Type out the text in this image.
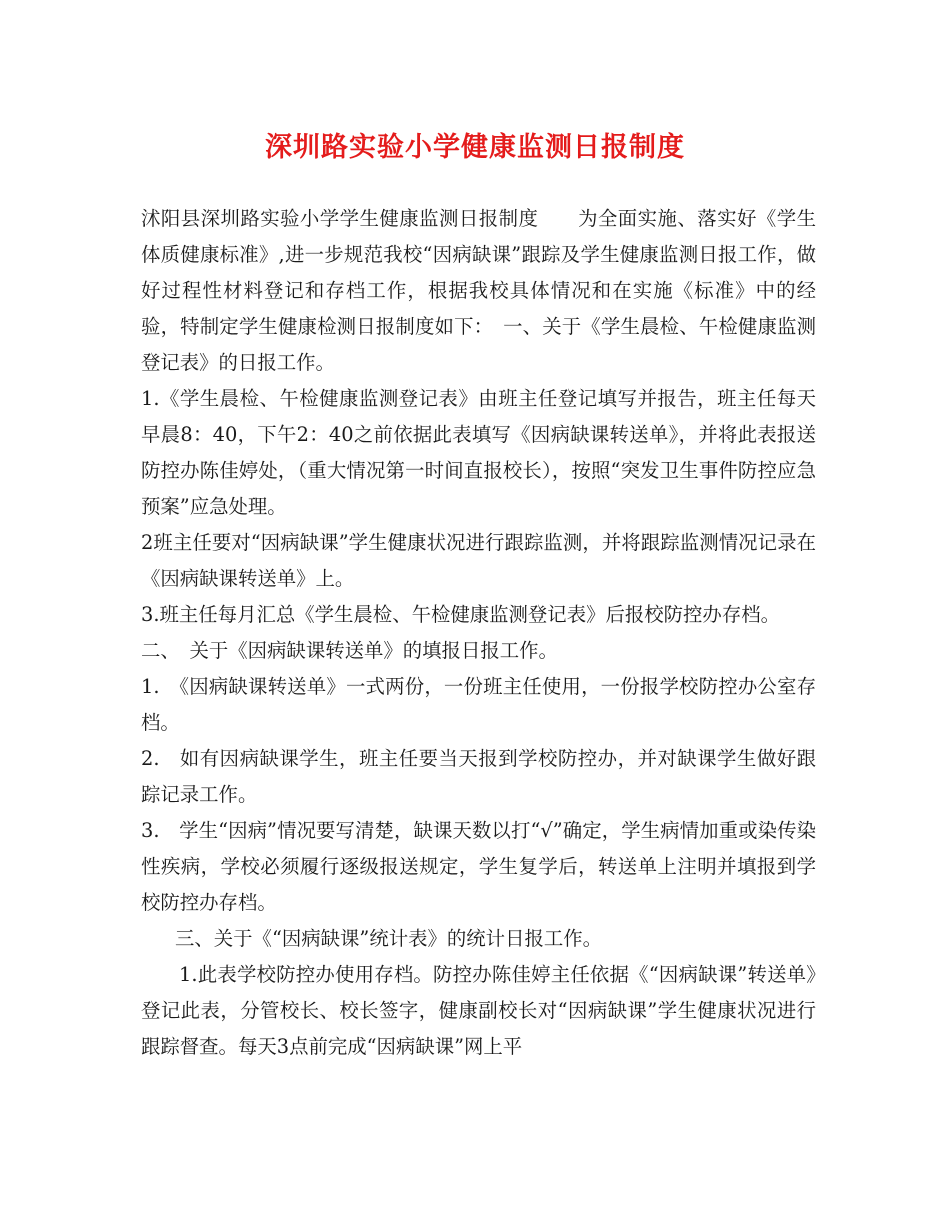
深圳路实验小学健康监测日报制度

沭阳县深圳路实验小学学生健康监测日报制度　　为全面实施、落实好《学生体质健康标准》,进一步规范我校“因病缺课”跟踪及学生健康监测日报工作，做好过程性材料登记和存档工作，根据我校具体情况和在实施《标准》中的经验，特制定学生健康检测日报制度如下：　一、关于《学生晨检、午检健康监测登记表》的日报工作。

1.《学生晨检、午检健康监测登记表》由班主任登记填写并报告，班主任每天早晨8：40，下午2：40之前依据此表填写《因病缺课转送单》，并将此表报送防控办陈佳婷处，（重大情况第一时间直报校长），按照“突发卫生事件防控应急预案”应急处理。

2班主任要对“因病缺课”学生健康状况进行跟踪监测，并将跟踪监测情况记录在《因病缺课转送单》上。

3.班主任每月汇总《学生晨检、午检健康监测登记表》后报校防控办存档。

二、　关于《因病缺课转送单》的填报日报工作。

1.　《因病缺课转送单》一式两份，一份班主任使用，一份报学校防控办公室存档。

2.　如有因病缺课学生，班主任要当天报到学校防控办，并对缺课学生做好跟踪记录工作。

3.　学生“因病”情况要写清楚，缺课天数以打“√”确定，学生病情加重或染传染性疾病，学校必须履行逐级报送规定，学生复学后，转送单上注明并填报到学校防控办存档。

三、关于《“因病缺课”统计表》的统计日报工作。

1.此表学校防控办使用存档。防控办陈佳婷主任依据《“因病缺课”转送单》登记此表，分管校长、校长签字，健康副校长对“因病缺课”学生健康状况进行跟踪督查。每天3点前完成“因病缺课”网上平
